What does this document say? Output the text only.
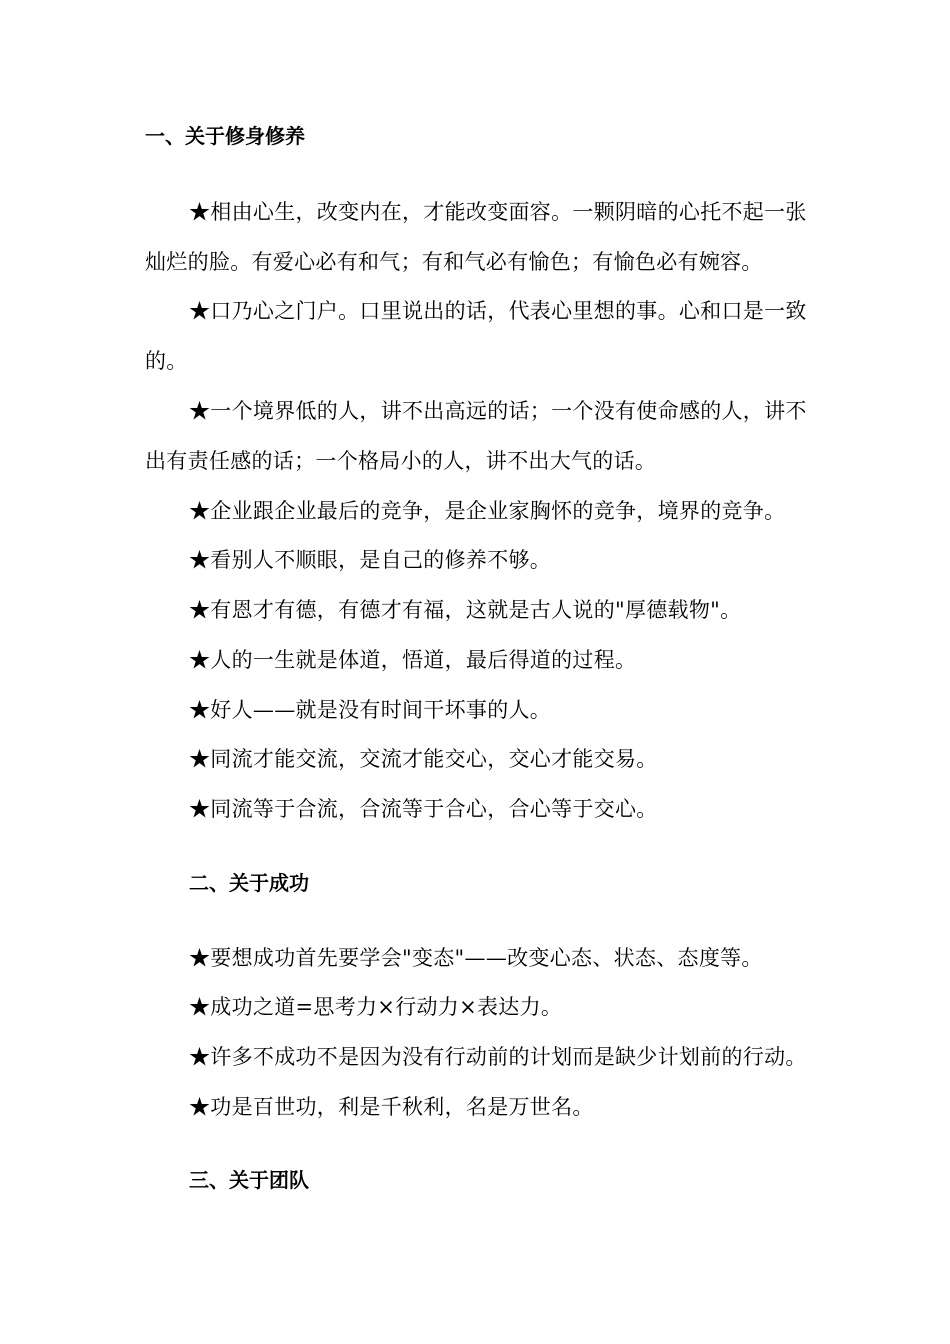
一、关于修身修养
★相由心生，改变内在，才能改变面容。一颗阴暗的心托不起一张灿烂的脸。有爱心必有和气；有和气必有愉色；有愉色必有婉容。
★口乃心之门户。口里说出的话，代表心里想的事。心和口是一致的。
★一个境界低的人，讲不出高远的话；一个没有使命感的人，讲不出有责任感的话；一个格局小的人，讲不出大气的话。
★企业跟企业最后的竞争，是企业家胸怀的竞争，境界的竞争。
★看别人不顺眼，是自己的修养不够。
★有恩才有德，有德才有福，这就是古人说的"厚德载物"。
★人的一生就是体道，悟道，最后得道的过程。
★好人——就是没有时间干坏事的人。
★同流才能交流，交流才能交心，交心才能交易。
★同流等于合流，合流等于合心，合心等于交心。
二、关于成功
★要想成功首先要学会"变态"——改变心态、状态、态度等。
★成功之道=思考力×行动力×表达力。
★许多不成功不是因为没有行动前的计划而是缺少计划前的行动。
★功是百世功，利是千秋利，名是万世名。
三、关于团队
